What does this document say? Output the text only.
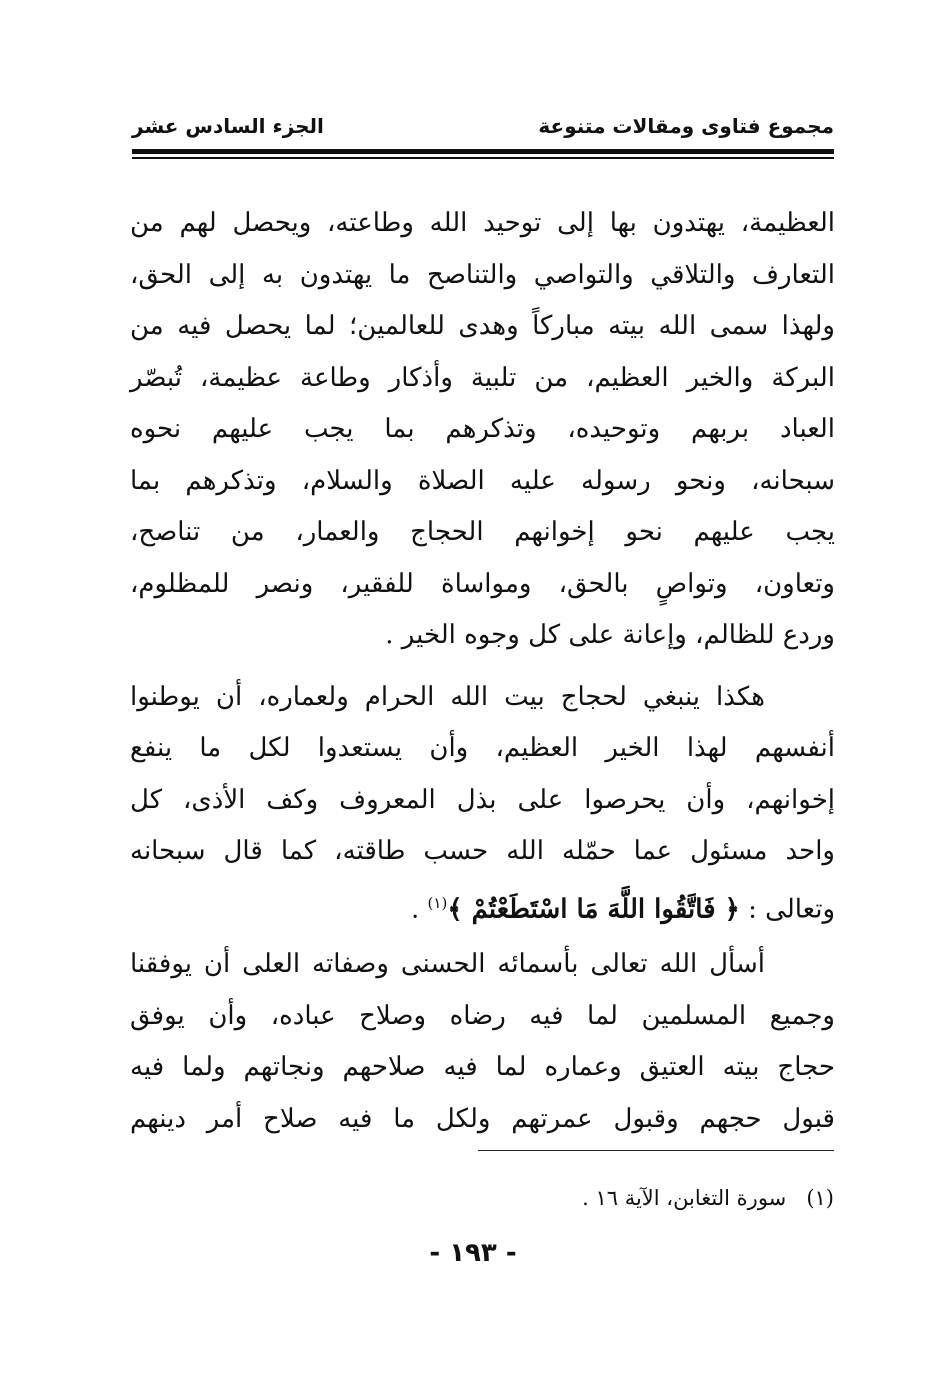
مجموع فتاوى ومقالات متنوعة
الجزء السادس عشر
العظيمة، يهتدون بها إلى توحيد الله وطاعته، ويحصل لهم من
التعارف والتلاقي والتواصي والتناصح ما يهتدون به إلى الحق،
ولهذا سمى الله بيته مباركاً وهدى للعالمين؛ لما يحصل فيه من
البركة والخير العظيم، من تلبية وأذكار وطاعة عظيمة، تُبصّر
العباد بربهم وتوحيده، وتذكرهم بما يجب عليهم نحوه
سبحانه، ونحو رسوله عليه الصلاة والسلام، وتذكرهم بما
يجب عليهم نحو إخوانهم الحجاج والعمار، من تناصح،
وتعاون، وتواصٍ بالحق، ومواساة للفقير، ونصر للمظلوم،
وردع للظالم، وإعانة على كل وجوه الخير .
هكذا ينبغي لحجاج بيت الله الحرام ولعماره، أن يوطنوا
أنفسهم لهذا الخير العظيم، وأن يستعدوا لكل ما ينفع
إخوانهم، وأن يحرصوا على بذل المعروف وكف الأذى، كل
واحد مسئول عما حمّله الله حسب طاقته، كما قال سبحانه
وتعالى : ﴿ فَاتَّقُوا اللَّهَ مَا اسْتَطَعْتُمْ ﴾$^{(١)}$ .
أسأل الله تعالى بأسمائه الحسنى وصفاته العلى أن يوفقنا
وجميع المسلمين لما فيه رضاه وصلاح عباده، وأن يوفق
حجاج بيته العتيق وعماره لما فيه صلاحهم ونجاتهم ولما فيه
قبول حجهم وقبول عمرتهم ولكل ما فيه صلاح أمر دينهم
(١)   سورة التغابن، الآية ١٦ .
- ١٩٣ -
